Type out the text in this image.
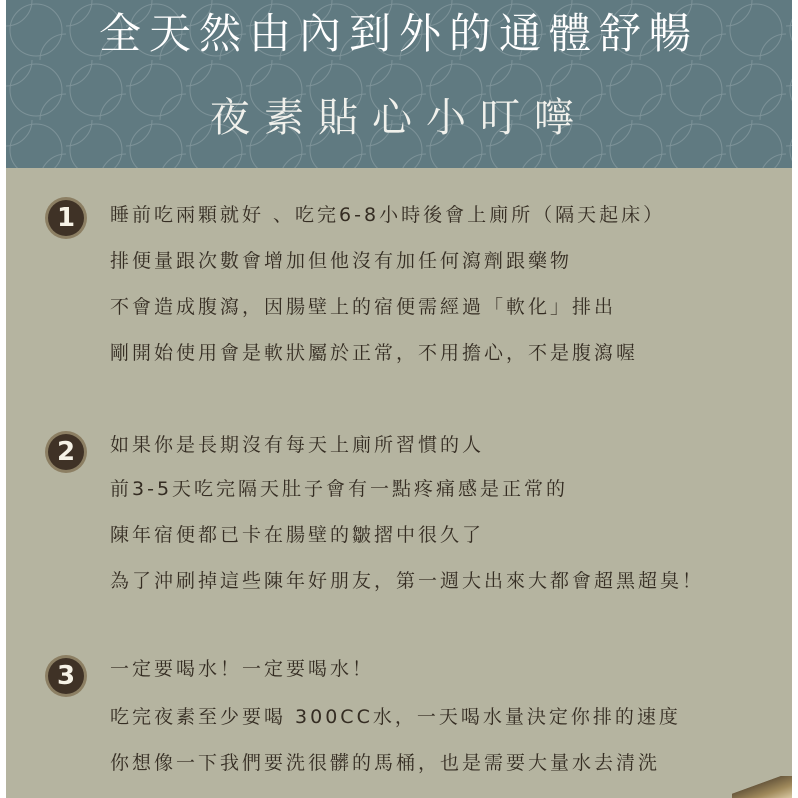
全天然由內到外的通體舒暢
夜素貼心小叮嚀
1	睡前吃兩顆就好 、吃完6-8小時後會上廁所（隔天起床）
排便量跟次數會增加但他沒有加任何瀉劑跟藥物
不會造成腹瀉，因腸壁上的宿便需經過「軟化」排出
剛開始使用會是軟狀屬於正常，不用擔心，不是腹瀉喔
2	如果你是長期沒有每天上廁所習慣的人
前3-5天吃完隔天肚子會有一點疼痛感是正常的
陳年宿便都已卡在腸壁的皺摺中很久了
為了沖刷掉這些陳年好朋友，第一週大出來大都會超黑超臭！
3	一定要喝水！一定要喝水！
吃完夜素至少要喝 300CC水，一天喝水量決定你排的速度
你想像一下我們要洗很髒的馬桶，也是需要大量水去清洗
